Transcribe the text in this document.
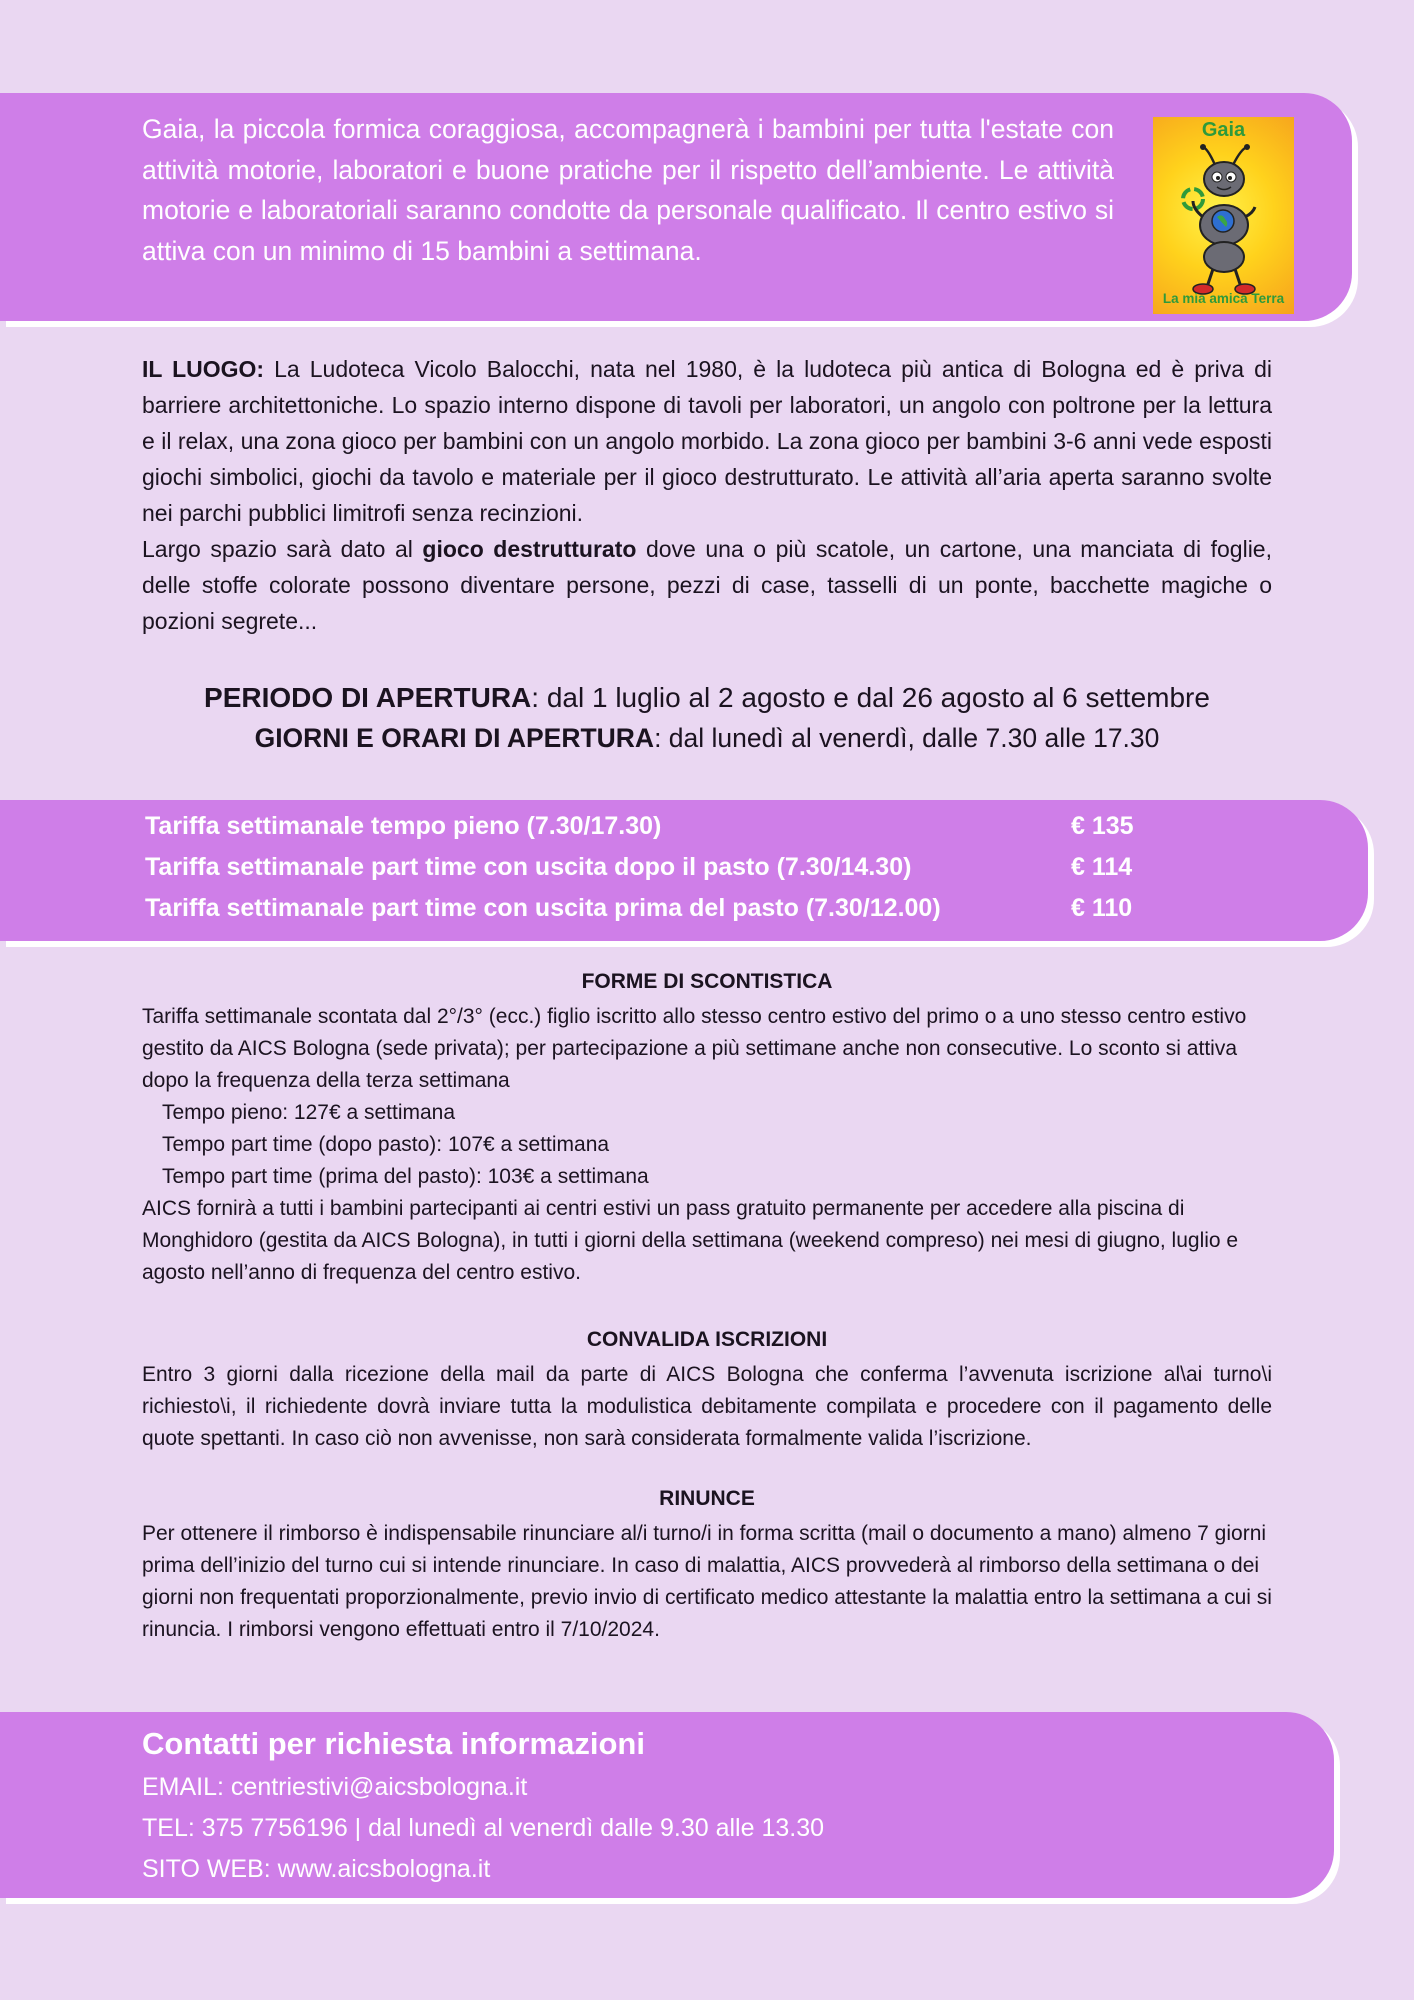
Gaia, la piccola formica coraggiosa, accompagnerà i bambini per tutta l'estate con attività motorie, laboratori e buone pratiche per il rispetto dell’ambiente. Le attività motorie e laboratoriali saranno condotte da personale qualificato. Il centro estivo si attiva con un minimo di 15 bambini a settimana.
Gaia
La mia amica Terra
IL LUOGO: La Ludoteca Vicolo Balocchi, nata nel 1980, è la ludoteca più antica di Bologna ed è priva di barriere architettoniche. Lo spazio interno dispone di tavoli per laboratori, un angolo con poltrone per la lettura e il relax, una zona gioco per bambini con un angolo morbido. La zona gioco per bambini 3-6 anni vede esposti giochi simbolici, giochi da tavolo e materiale per il gioco destrutturato. Le attività all’aria aperta saranno svolte nei parchi pubblici limitrofi senza recinzioni.
Largo spazio sarà dato al gioco destrutturato dove una o più scatole, un cartone, una manciata di foglie, delle stoffe colorate possono diventare persone, pezzi di case, tasselli di un ponte, bacchette magiche o pozioni segrete...
PERIODO DI APERTURA: dal 1 luglio al 2 agosto e dal 26 agosto al 6 settembre
GIORNI E ORARI DI APERTURA: dal lunedì al venerdì, dalle 7.30 alle 17.30
Tariffa settimanale tempo pieno (7.30/17.30)	€ 135
Tariffa settimanale part time con uscita dopo il pasto (7.30/14.30)	€ 114
Tariffa settimanale part time con uscita prima del pasto (7.30/12.00)	€ 110
FORME DI SCONTISTICA
Tariffa settimanale scontata dal 2°/3° (ecc.) figlio iscritto allo stesso centro estivo del primo o a uno stesso centro estivo gestito da AICS Bologna (sede privata); per partecipazione a più settimane anche non consecutive. Lo sconto si attiva dopo la frequenza della terza settimana
Tempo pieno: 127€ a settimana
Tempo part time (dopo pasto): 107€ a settimana
Tempo part time (prima del pasto): 103€ a settimana
AICS fornirà a tutti i bambini partecipanti ai centri estivi un pass gratuito permanente per accedere alla piscina di Monghidoro (gestita da AICS Bologna), in tutti i giorni della settimana (weekend compreso) nei mesi di giugno, luglio e agosto nell’anno di frequenza del centro estivo.
CONVALIDA ISCRIZIONI
Entro 3 giorni dalla ricezione della mail da parte di AICS Bologna che conferma l’avvenuta iscrizione al\ai turno\i richiesto\i, il richiedente dovrà inviare tutta la modulistica debitamente compilata e procedere con il pagamento delle quote spettanti. In caso ciò non avvenisse, non sarà considerata formalmente valida l’iscrizione.
RINUNCE
Per ottenere il rimborso è indispensabile rinunciare al/i turno/i in forma scritta (mail o documento a mano) almeno 7 giorni prima dell’inizio del turno cui si intende rinunciare. In caso di malattia, AICS provvederà al rimborso della settimana o dei giorni non frequentati proporzionalmente, previo invio di certificato medico attestante la malattia entro la settimana a cui si rinuncia. I rimborsi vengono effettuati entro il 7/10/2024.
Contatti per richiesta informazioni
EMAIL: centriestivi@aicsbologna.it
TEL: 375 7756196 | dal lunedì al venerdì dalle 9.30 alle 13.30
SITO WEB: www.aicsbologna.it
